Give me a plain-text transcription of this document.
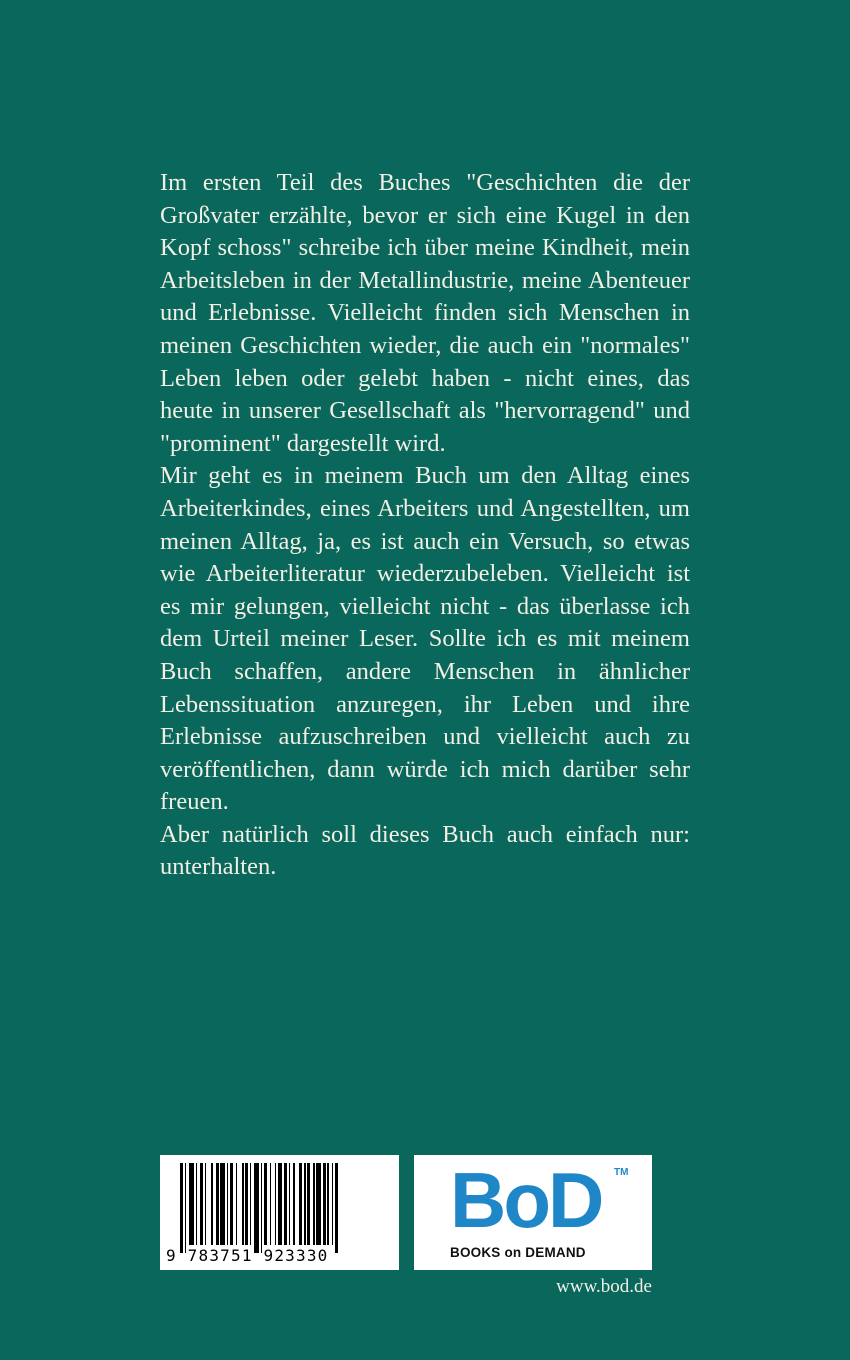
Im ersten Teil des Buches "Geschichten die der Großvater erzählte, bevor er sich eine Kugel in den Kopf schoss" schreibe ich über meine Kindheit, mein Arbeitsleben in der Metallindustrie, meine Abenteuer und Erlebnisse. Vielleicht finden sich Menschen in meinen Geschichten wieder, die auch ein "normales" Leben leben oder gelebt haben - nicht eines, das heute in unserer Gesellschaft als "hervorragend" und "prominent" dargestellt wird.

Mir geht es in meinem Buch um den Alltag eines Arbeiterkindes, eines Arbeiters und Angestellten, um meinen Alltag, ja, es ist auch ein Versuch, so etwas wie Arbeiterliteratur wiederzubeleben. Vielleicht ist es mir gelungen, vielleicht nicht - das überlasse ich dem Urteil meiner Leser. Sollte ich es mit meinem Buch schaffen, andere Menschen in ähnlicher Lebenssituation anzuregen, ihr Leben und ihre Erlebnisse aufzuschreiben und vielleicht auch zu veröffentlichen, dann würde ich mich darüber sehr freuen.

Aber natürlich soll dieses Buch auch einfach nur: unterhalten.

9 783751 923330
BoD TM
BOOKS on DEMAND
www.bod.de
